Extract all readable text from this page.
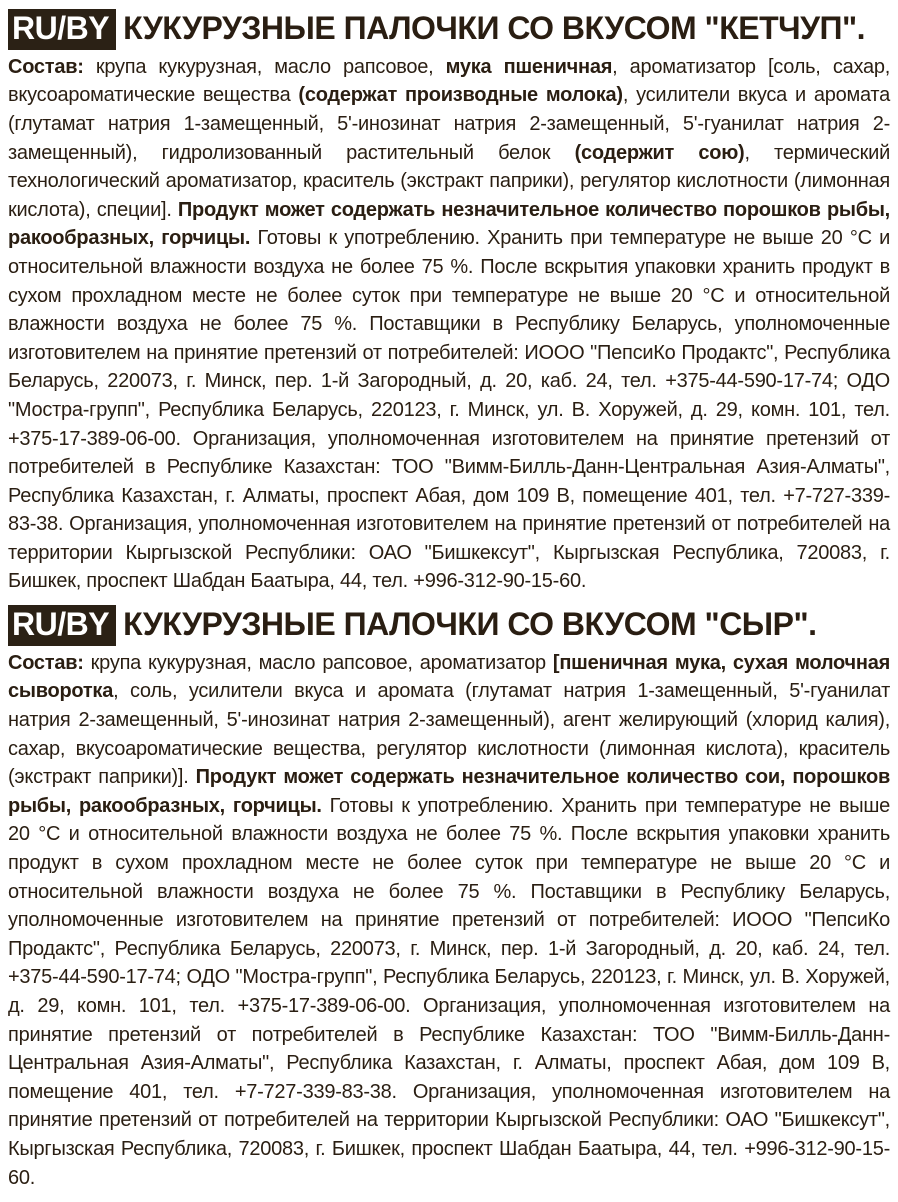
RU/BY КУКУРУЗНЫЕ ПАЛОЧКИ СО ВКУСОМ "КЕТЧУП".

Состав: крупа кукурузная, масло рапсовое, мука пшеничная, ароматизатор [соль, сахар, вкусоароматические вещества (содержат производные молока), усилители вкуса и аромата (глутамат натрия 1-замещенный, 5'-инозинат натрия 2-замещенный, 5'-гуанилат натрия 2-замещенный), гидролизованный растительный белок (содержит сою), термический технологический ароматизатор, краситель (экстракт паприки), регулятор кислотности (лимонная кислота), специи]. Продукт может содержать незначительное количество порошков рыбы, ракообразных, горчицы. Готовы к употреблению. Хранить при температуре не выше 20 °С и относительной влажности воздуха не более 75 %. После вскрытия упаковки хранить продукт в сухом прохладном месте не более суток при температуре не выше 20 °С и относительной влажности воздуха не более 75 %. Поставщики в Республику Беларусь, уполномоченные изготовителем на принятие претензий от потребителей: ИООО "ПепсиКо Продактс", Республика Беларусь, 220073, г. Минск, пер. 1-й Загородный, д. 20, каб. 24, тел. +375-44-590-17-74; ОДО "Мостра-групп", Республика Беларусь, 220123, г. Минск, ул. В. Хоружей, д. 29, комн. 101, тел. +375-17-389-06-00. Организация, уполномоченная изготовителем на принятие претензий от потребителей в Республике Казахстан: ТОО "Вимм-Билль-Данн-Центральная Азия-Алматы", Республика Казахстан, г. Алматы, проспект Абая, дом 109 В, помещение 401, тел. +7-727-339-83-38. Организация, уполномоченная изготовителем на принятие претензий от потребителей на территории Кыргызской Республики: ОАО "Бишкексут", Кыргызская Республика, 720083, г. Бишкек, проспект Шабдан Баатыра, 44, тел. +996-312-90-15-60.

RU/BY КУКУРУЗНЫЕ ПАЛОЧКИ СО ВКУСОМ "СЫР".

Состав: крупа кукурузная, масло рапсовое, ароматизатор [пшеничная мука, сухая молочная сыворотка, соль, усилители вкуса и аромата (глутамат натрия 1-замещенный, 5'-гуанилат натрия 2-замещенный, 5'-инозинат натрия 2-замещенный), агент желирующий (хлорид калия), сахар, вкусоароматические вещества, регулятор кислотности (лимонная кислота), краситель (экстракт паприки)]. Продукт может содержать незначительное количество сои, порошков рыбы, ракообразных, горчицы. Готовы к употреблению. Хранить при температуре не выше 20 °С и относительной влажности воздуха не более 75 %. После вскрытия упаковки хранить продукт в сухом прохладном месте не более суток при температуре не выше 20 °С и относительной влажности воздуха не более 75 %. Поставщики в Республику Беларусь, уполномоченные изготовителем на принятие претензий от потребителей: ИООО "ПепсиКо Продактс", Республика Беларусь, 220073, г. Минск, пер. 1-й Загородный, д. 20, каб. 24, тел. +375-44-590-17-74; ОДО "Мостра-групп", Республика Беларусь, 220123, г. Минск, ул. В. Хоружей, д. 29, комн. 101, тел. +375-17-389-06-00. Организация, уполномоченная изготовителем на принятие претензий от потребителей в Республике Казахстан: ТОО "Вимм-Билль-Данн-Центральная Азия-Алматы", Республика Казахстан, г. Алматы, проспект Абая, дом 109 В, помещение 401, тел. +7-727-339-83-38. Организация, уполномоченная изготовителем на принятие претензий от потребителей на территории Кыргызской Республики: ОАО "Бишкексут", Кыргызская Республика, 720083, г. Бишкек, проспект Шабдан Баатыра, 44, тел. +996-312-90-15-60.
